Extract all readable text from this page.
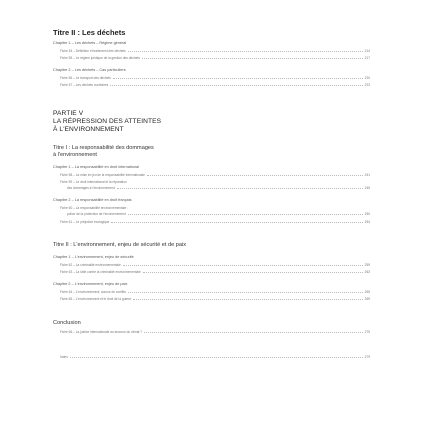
Titre II : Les déchets
Chapitre 1 – Les déchets – Régime général
Fiche 54 – Définition et traitement des déchets	214
Fiche 55 – Le régime juridique de la gestion des déchets	217
Chapitre 2 – Les déchets – Cas particuliers
Fiche 56 – Le transport des déchets	220
Fiche 57 – Les déchets nucléaires	223
PARTIE V
LA RÉPRESSION DES ATTEINTES
À L'ENVIRONNEMENT
Titre I : La responsabilité des dommages
à l'environnement
Chapitre 1 – La responsabilité en droit international
Fiche 58 – La mise en jeu de la responsabilité internationale	241
Fiche 59 – Le droit international et la réparation
des dommages à l'environnement	245
Chapitre 2 – La responsabilité en droit français
Fiche 60 – La responsabilité environnementale :
police de la protection de l'environnement	250
Fiche 61 – Le préjudice écologique	254
Titre II : L'environnement, enjeu de sécurité et de paix
Chapitre 1 – L'environnement, enjeu de sécurité
Fiche 62 – La criminalité environnementale	259
Fiche 63 – La lutte contre la criminalité environnementale	263
Chapitre 2 – L'environnement, enjeu de paix
Fiche 64 – L'environnement, source de conflits	265
Fiche 65 – L'environnement et le droit de la guerre	269
Conclusion
Fiche 66 – La justice internationale au secours du climat ?	275
Index	279
